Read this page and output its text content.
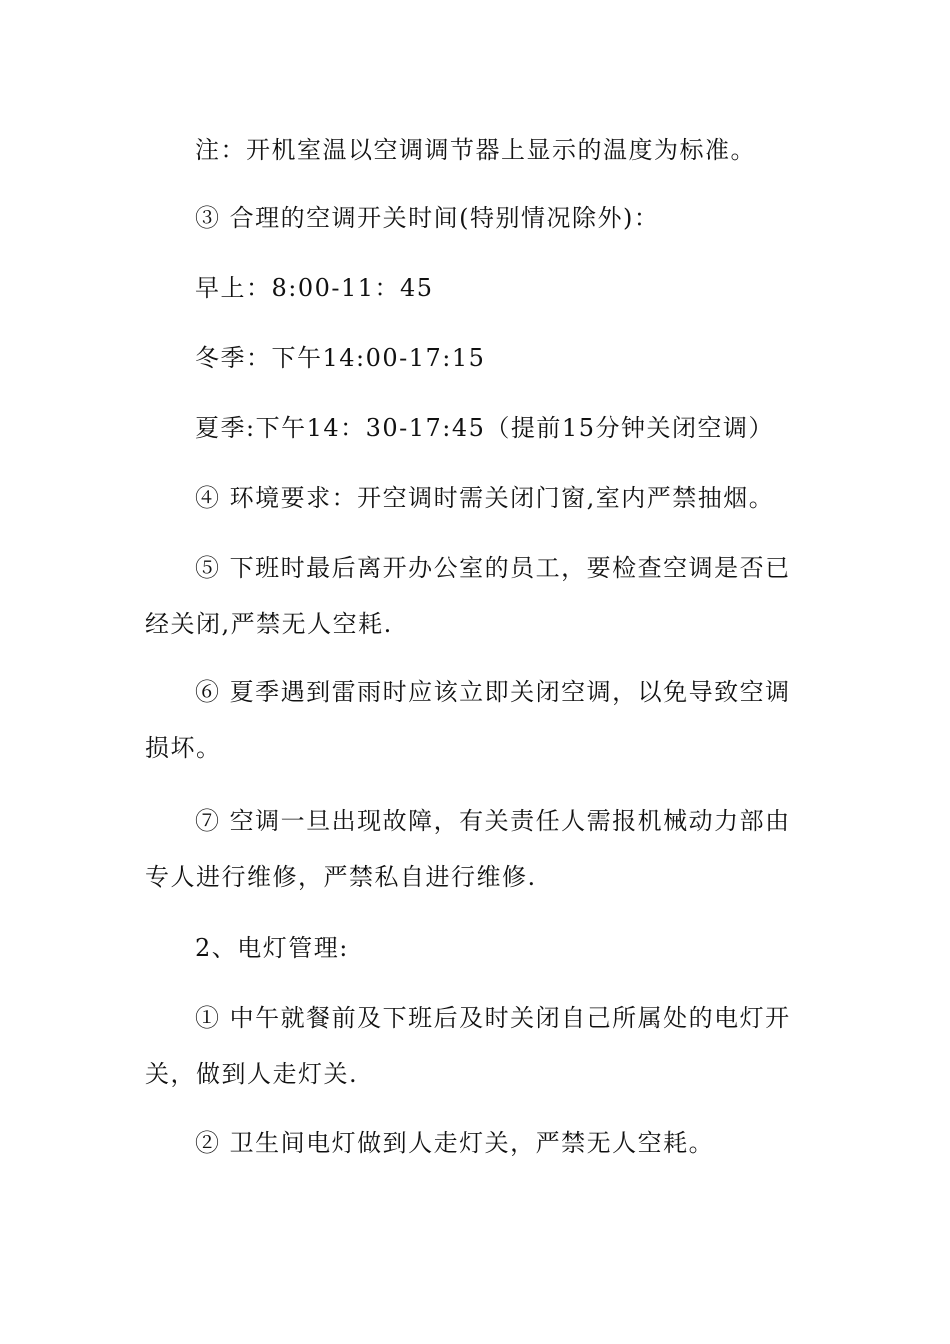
注：开机室温以空调调节器上显示的温度为标准。

③ 合理的空调开关时间(特别情况除外)：

早上：8:00-11：45

冬季：下午14:00-17:15

夏季:下午14：30-17:45（提前15分钟关闭空调）

④ 环境要求：开空调时需关闭门窗,室内严禁抽烟。

⑤ 下班时最后离开办公室的员工，要检查空调是否已经关闭,严禁无人空耗.

⑥ 夏季遇到雷雨时应该立即关闭空调，以免导致空调损坏。

⑦ 空调一旦出现故障，有关责任人需报机械动力部由专人进行维修，严禁私自进行维修.

2、电灯管理:

① 中午就餐前及下班后及时关闭自己所属处的电灯开关，做到人走灯关.

② 卫生间电灯做到人走灯关，严禁无人空耗。
